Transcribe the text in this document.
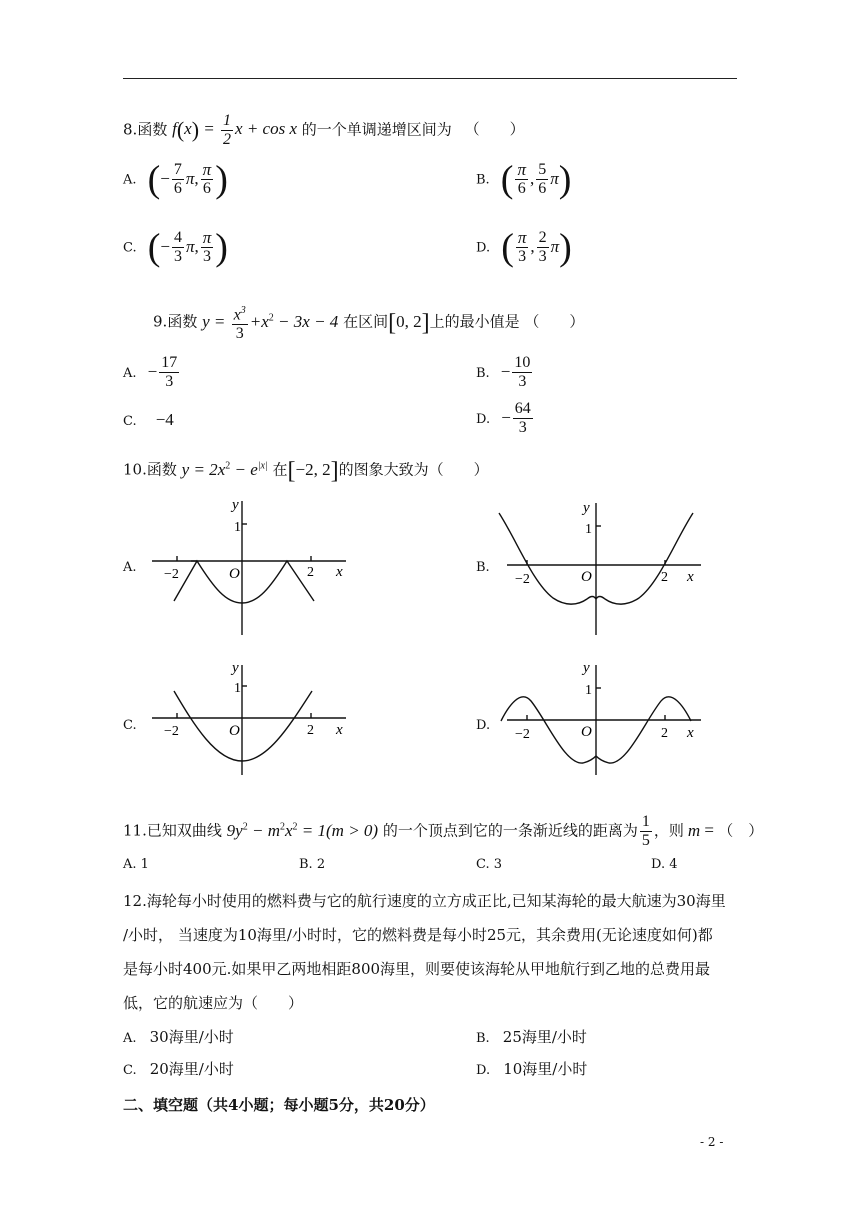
8.函数 $f(x) = \frac{1}{2}$ x + cos x 的一个单调递增区间为 （　　）
A. (− $\frac{7}{6} \pi$, $\frac{\pi}{6}$ )	B. ( $\frac{\pi}{6}$ , $\frac{5}{6} \pi$)
C. (− $\frac{4}{3} \pi$, $\frac{\pi}{3}$ )	D. ( $\frac{\pi}{3}$ , $\frac{2}{3} \pi$)
9.函数 $y = \frac{x^3}{3} +x^2 - 3x - 4$ 在区间[0, 2]上的最小值是 （　　）
A. − $\frac{17}{3}$	B. − $\frac{10}{3}$
C. −4	D. − $\frac{64}{3}$
10.函数 $y = 2x^2 - e^{|x|}$ 在[−2, 2]的图象大致为（　　）
A.	B.
C.	D.
y
1
−2	O	2 x
y
1
−2	O	2 x
y
1
−2	O	2 x
y
1
−2	O	2 x
11.已知双曲线 $9y^2 - m^2x^2 = 1(m > 0)$ 的一个顶点到它的一条渐近线的距离为 $\frac{1}{5}$ ，则 m = （　）
A. 1	B. 2	C. 3	D. 4
12.海轮每小时使用的燃料费与它的航行速度的立方成正比,已知某海轮的最大航速为30海里
/小时， 当速度为10海里/小时时，它的燃料费是每小时25元，其余费用(无论速度如何)都
是每小时400元.如果甲乙两地相距800海里，则要使该海轮从甲地航行到乙地的总费用最
低，它的航速应为（　　）
A. 30海里/小时	B. 25海里/小时
C. 20海里/小时	D. 10海里/小时
二、填空题（共4小题；每小题5分，共20分）
- 2 -
